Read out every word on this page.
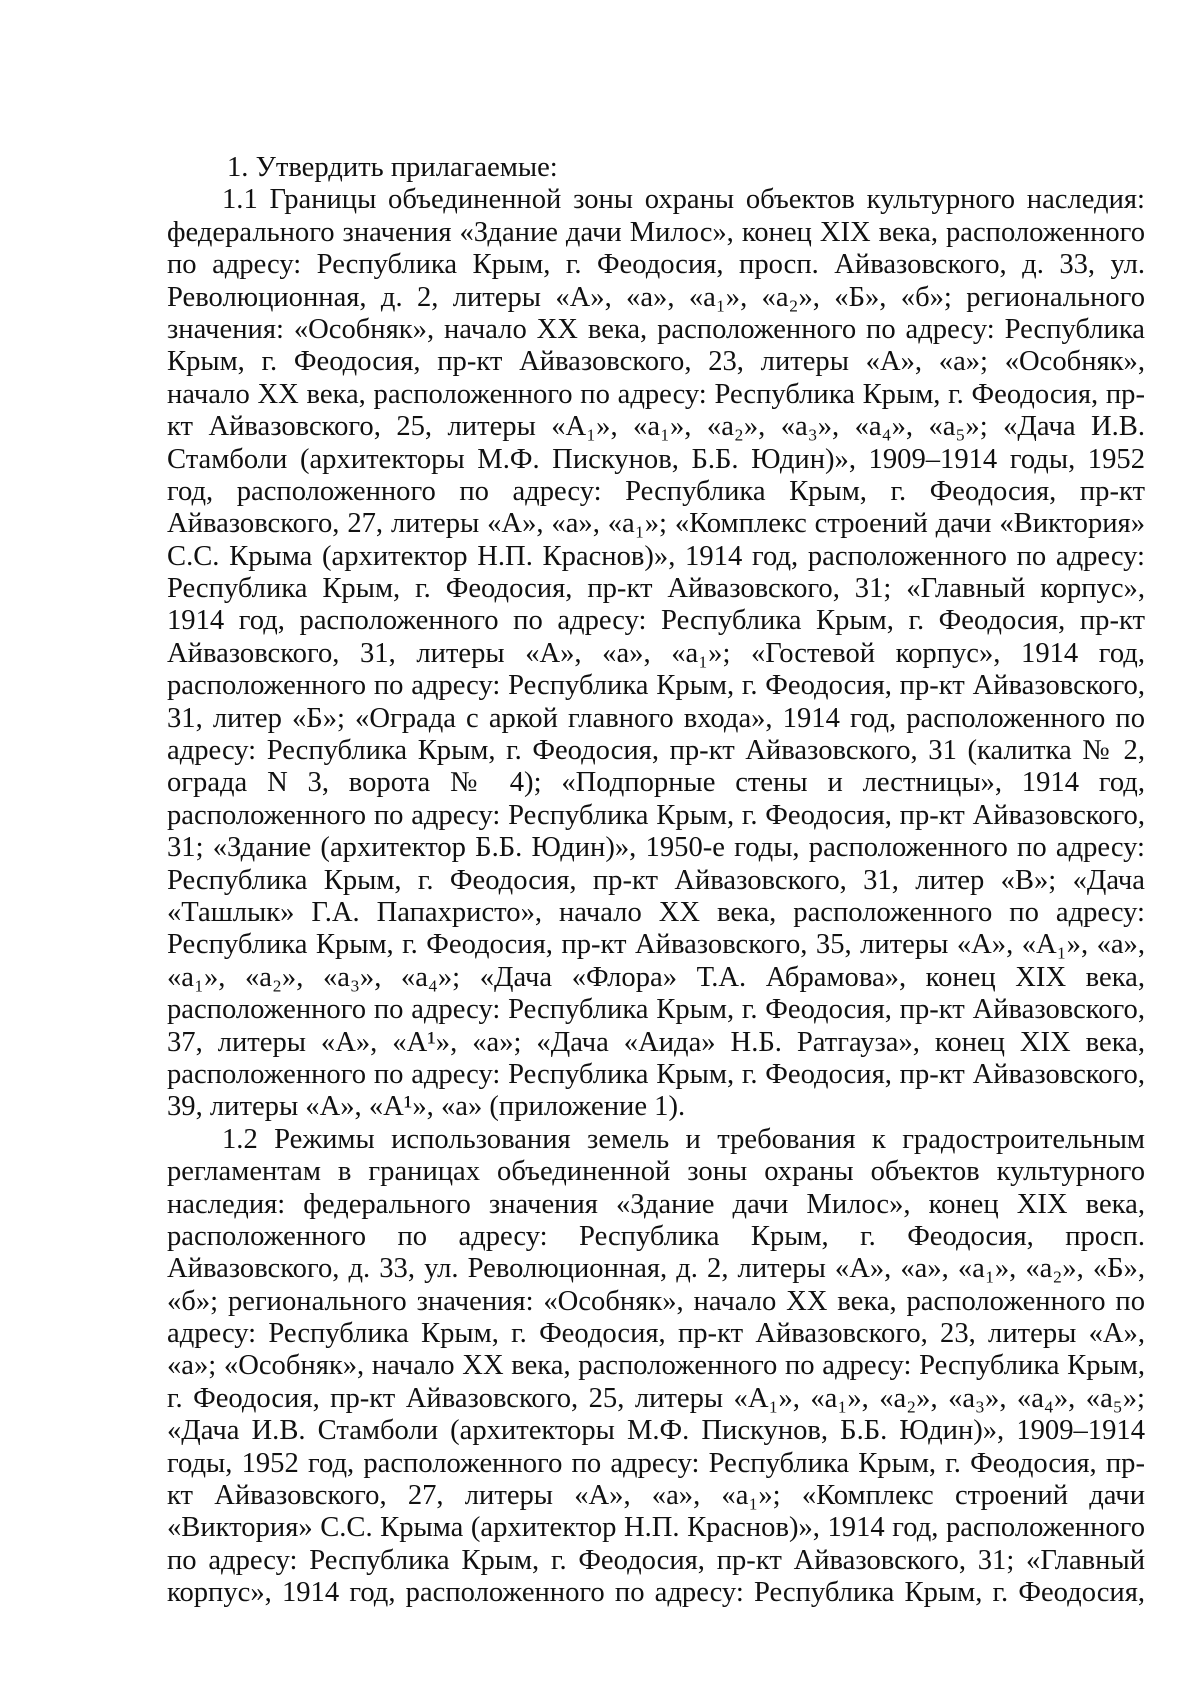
1. Утвердить прилагаемые:
1.1 Границы объединенной зоны охраны объектов культурного наследия:
федерального значения «Здание дачи Милос», конец XIX века, расположенного
по адресу: Республика Крым, г. Феодосия, просп. Айвазовского, д. 33, ул.
Революционная, д. 2, литеры «А», «а», «а₁», «а₂», «Б», «б»; регионального
значения: «Особняк», начало XX века, расположенного по адресу: Республика
Крым, г. Феодосия, пр-кт Айвазовского, 23, литеры «А», «а»; «Особняк»,
начало XX века, расположенного по адресу: Республика Крым, г. Феодосия, пр-
кт Айвазовского, 25, литеры «А₁», «а₁», «а₂», «а₃», «а₄», «а₅»; «Дача И.В.
Стамболи (архитекторы М.Ф. Пискунов, Б.Б. Юдин)», 1909–1914 годы, 1952
год, расположенного по адресу: Республика Крым, г. Феодосия, пр-кт
Айвазовского, 27, литеры «А», «а», «а₁»; «Комплекс строений дачи «Виктория»
С.С. Крыма (архитектор Н.П. Краснов)», 1914 год, расположенного по адресу:
Республика Крым, г. Феодосия, пр-кт Айвазовского, 31; «Главный корпус»,
1914 год, расположенного по адресу: Республика Крым, г. Феодосия, пр-кт
Айвазовского, 31, литеры «А», «а», «а₁»; «Гостевой корпус», 1914 год,
расположенного по адресу: Республика Крым, г. Феодосия, пр-кт Айвазовского,
31, литер «Б»; «Ограда с аркой главного входа», 1914 год, расположенного по
адресу: Республика Крым, г. Феодосия, пр-кт Айвазовского, 31 (калитка № 2,
ограда N 3, ворота № 4); «Подпорные стены и лестницы», 1914 год,
расположенного по адресу: Республика Крым, г. Феодосия, пр-кт Айвазовского,
31; «Здание (архитектор Б.Б. Юдин)», 1950-е годы, расположенного по адресу:
Республика Крым, г. Феодосия, пр-кт Айвазовского, 31, литер «В»; «Дача
«Ташлык» Г.А. Папахристо», начало XX века, расположенного по адресу:
Республика Крым, г. Феодосия, пр-кт Айвазовского, 35, литеры «А», «А₁», «а»,
«а₁», «а₂», «а₃», «а₄»; «Дача «Флора» Т.А. Абрамова», конец XIX века,
расположенного по адресу: Республика Крым, г. Феодосия, пр-кт Айвазовского,
37, литеры «А», «А¹», «а»; «Дача «Аида» Н.Б. Ратгауза», конец XIX века,
расположенного по адресу: Республика Крым, г. Феодосия, пр-кт Айвазовского,
39, литеры «А», «А¹», «а» (приложение 1).
1.2 Режимы использования земель и требования к градостроительным
регламентам в границах объединенной зоны охраны объектов культурного
наследия: федерального значения «Здание дачи Милос», конец XIX века,
расположенного по адресу: Республика Крым, г. Феодосия, просп.
Айвазовского, д. 33, ул. Революционная, д. 2, литеры «А», «а», «а₁», «а₂», «Б»,
«б»; регионального значения: «Особняк», начало XX века, расположенного по
адресу: Республика Крым, г. Феодосия, пр-кт Айвазовского, 23, литеры «А»,
«а»; «Особняк», начало XX века, расположенного по адресу: Республика Крым,
г. Феодосия, пр-кт Айвазовского, 25, литеры «А₁», «а₁», «а₂», «а₃», «а₄», «а₅»;
«Дача И.В. Стамболи (архитекторы М.Ф. Пискунов, Б.Б. Юдин)», 1909–1914
годы, 1952 год, расположенного по адресу: Республика Крым, г. Феодосия, пр-
кт Айвазовского, 27, литеры «А», «а», «а₁»; «Комплекс строений дачи
«Виктория» С.С. Крыма (архитектор Н.П. Краснов)», 1914 год, расположенного
по адресу: Республика Крым, г. Феодосия, пр-кт Айвазовского, 31; «Главный
корпус», 1914 год, расположенного по адресу: Республика Крым, г. Феодосия,
